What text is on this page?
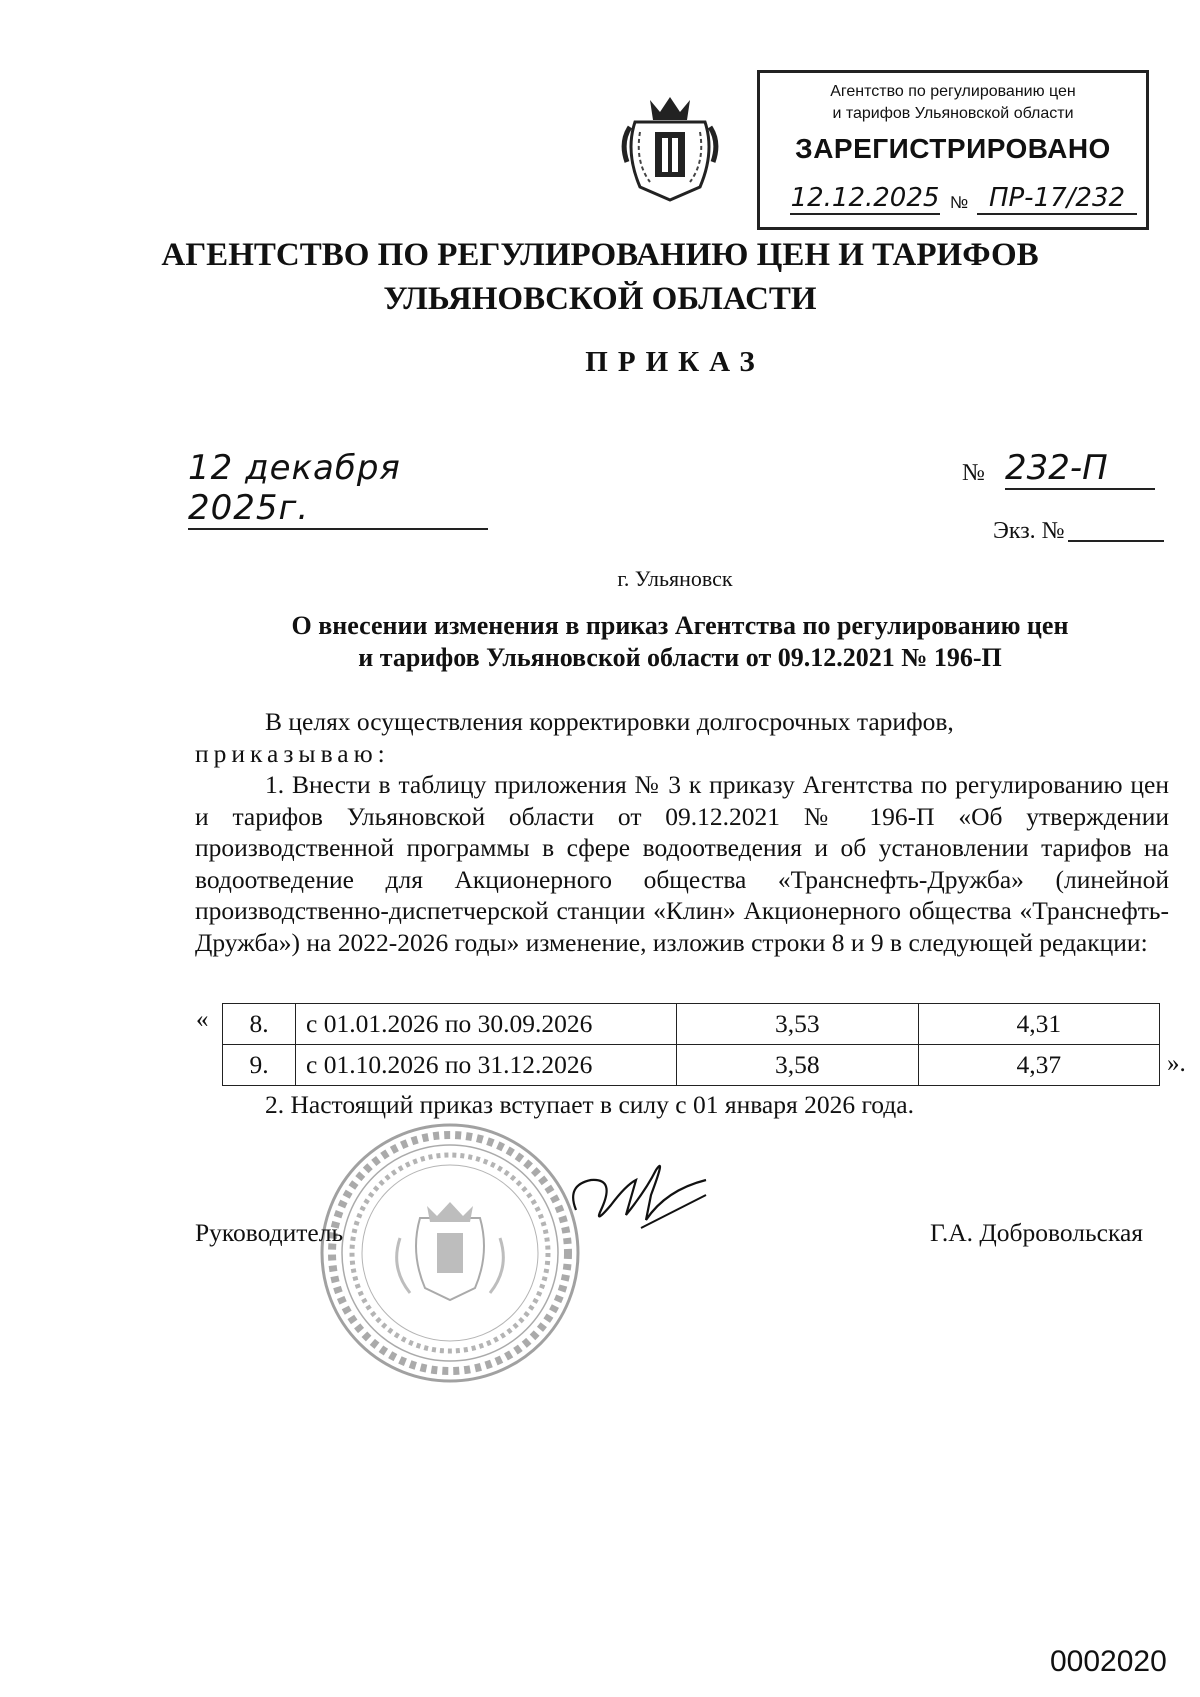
Агентство по регулированию цен
и тарифов Ульяновской области
ЗАРЕГИСТРИРОВАНО
12.12.2025 № ПР-17/232
АГЕНТСТВО ПО РЕГУЛИРОВАНИЮ ЦЕН И ТАРИФОВ
УЛЬЯНОВСКОЙ ОБЛАСТИ
ПРИКАЗ
12 декабря 2025г.
№ 232-П
Экз. №
г. Ульяновск
О внесении изменения в приказ Агентства по регулированию цен
и тарифов Ульяновской области от 09.12.2021 № 196-П

В целях осуществления корректировки долгосрочных тарифов,

приказываю:

1. Внести в таблицу приложения № 3 к приказу Агентства по регулированию цен и тарифов Ульяновской области от 09.12.2021 № 196-П «Об утверждении производственной программы в сфере водоотведения и об установлении тарифов на водоотведение для Акционерного общества «Транснефть-Дружба» (линейной производственно-диспетчерской станции «Клин» Акционерного общества «Транснефть-Дружба») на 2022-2026 годы» изменение, изложив строки 8 и 9 в следующей редакции:

« 8.	с 01.01.2026 по 30.09.2026	3,53	4,31
9.	с 01.10.2026 по 31.12.2026	3,58	4,37	».
2. Настоящий приказ вступает в силу с 01 января 2026 года.
Руководитель	Г.А. Добровольская
0002020
